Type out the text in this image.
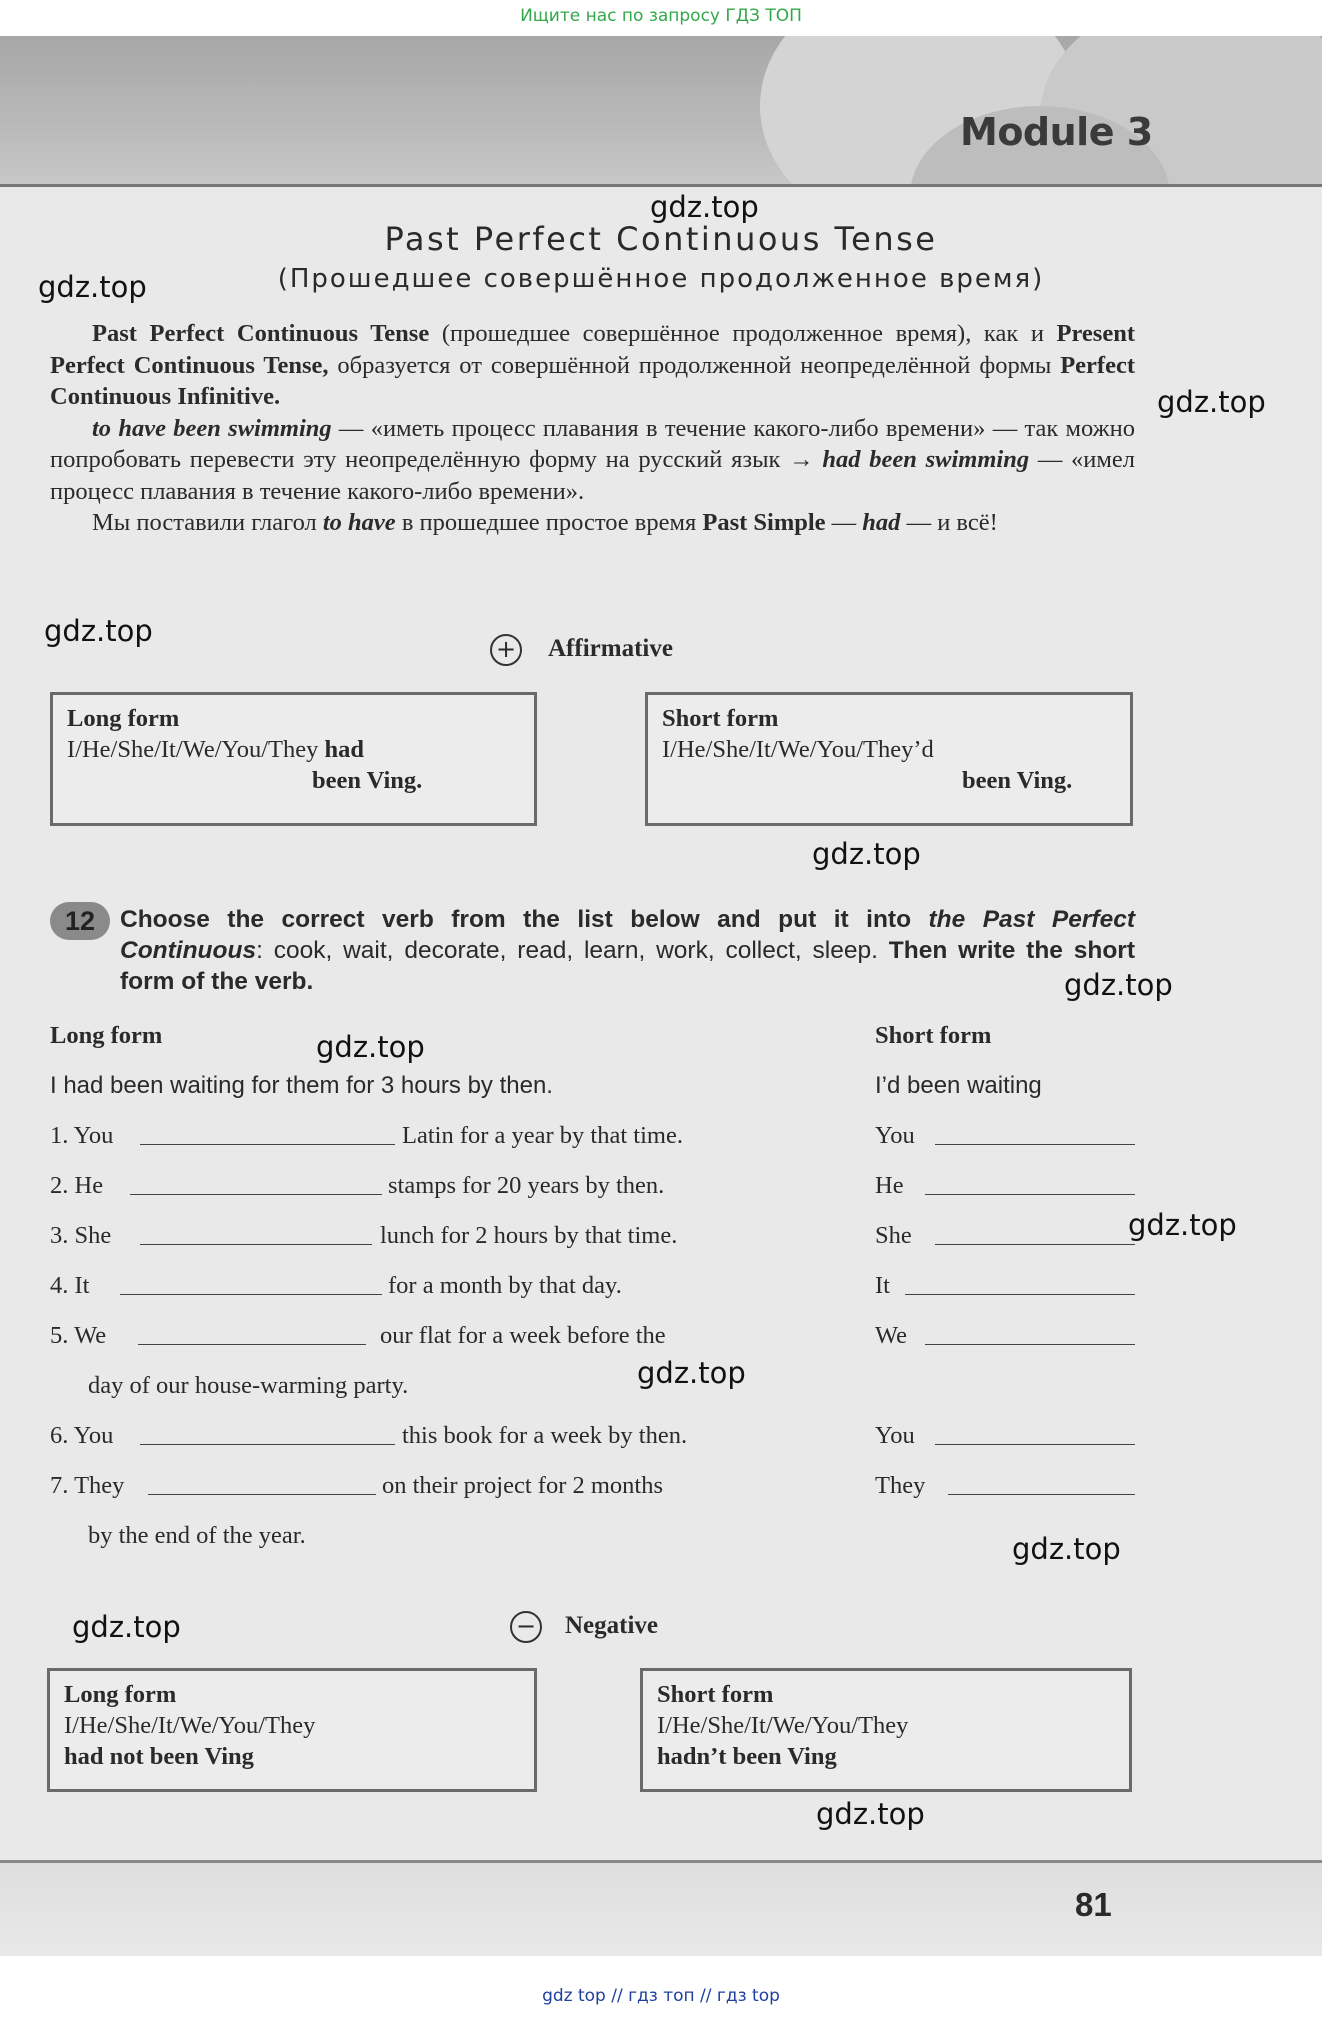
Ищите нас по запросу ГДЗ ТОП
Module 3
Past Perfect Continuous Tense
(Прошедшее совершённое продолженное время)

Past Perfect Continuous Tense (прошедшее совершённое продолженное время), как и Present Perfect Continuous Tense, образуется от совершённой продолженной неопределённой формы Perfect Continuous Infinitive.

to have been swimming — «иметь процесс плавания в течение какого-либо времени» — так можно попробовать перевести эту неопределённую форму на русский язык → had been swimming — «имел процесс плавания в течение какого-либо времени».

Мы поставили глагол to have в прошедшее простое время Past Simple — had — и всё!

+ Affirmative
Long form
I/He/She/It/We/You/They had
been Ving.
Short form
I/He/She/It/We/You/They’d
been Ving.
12	Choose the correct verb from the list below and put it into the Past Perfect Continuous: cook, wait, decorate, read, learn, work, collect, sleep. Then write the short form of the verb.
Long form	Short form
I had been waiting for them for 3 hours by then.	I’d been waiting
1. You	Latin for a year by that time.	You
2. He	stamps for 20 years by then.	He
3. She	lunch for 2 hours by that time.	She
4. It	for a month by that day.	It
5. We	our flat for a week before the
day of our house-warming party.
We
6. You	this book for a week by then.	You
7. They	on their project for 2 months
by the end of the year.
They
− Negative
Long form
I/He/She/It/We/You/They
had not been Ving
Short form
I/He/She/It/We/You/They
hadn’t been Ving
81
gdz top // гдз топ // гдз top
gdz.top
gdz.top
gdz.top
gdz.top
gdz.top
gdz.top
gdz.top
gdz.top
gdz.top
gdz.top
gdz.top
gdz.top
